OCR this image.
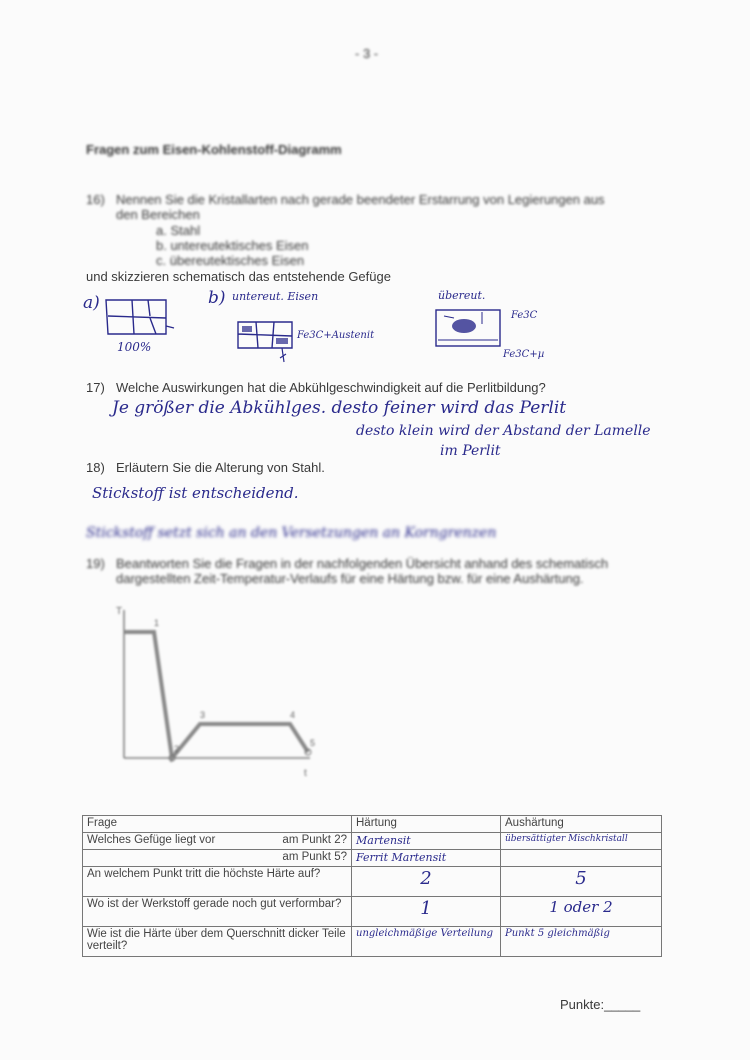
- 3 -
Fragen zum Eisen-Kohlenstoff-Diagramm
16) Nennen Sie die Kristallarten nach gerade beendeter Erstarrung von Legierungen aus
den Bereichen
a. Stahl
b. untereutektisches Eisen
c. übereutektisches Eisen
und skizzieren schematisch das entstehende Gefüge
a)
100%
b) untereut. Eisen
Fe3C+Austenit
übereut.
Fe3C
Fe3C+µ
17) Welche Auswirkungen hat die Abkühlgeschwindigkeit auf die Perlitbildung?
Je größer die Abkühlges. desto feiner wird das Perlit
desto klein wird der Abstand der Lamelle
im Perlit
18) Erläutern Sie die Alterung von Stahl.
Stickstoff ist entscheidend.
Stickstoff setzt sich an den Versetzungen an Korngrenzen
19) Beantworten Sie die Fragen in der nachfolgenden Übersicht anhand des schematisch
dargestellten Zeit-Temperatur-Verlaufs für eine Härtung bzw. für eine Aushärtung.
T
t
1
2
3	4
5
Frage	Härtung	Aushärtung
Welches Gefüge liegt vor am Punkt 2?	Martensit	übersättigter Mischkristall

am Punkt 5?	Ferrit Martensit	
An welchem Punkt tritt die höchste Härte auf?	2	5
Wo ist der Werkstoff gerade noch gut verformbar?	1	1 oder 2
Wie ist die Härte über dem Querschnitt dicker Teile verteilt?	ungleichmäßige Verteilung	Punkt 5 gleichmäßig
Punkte:_____
